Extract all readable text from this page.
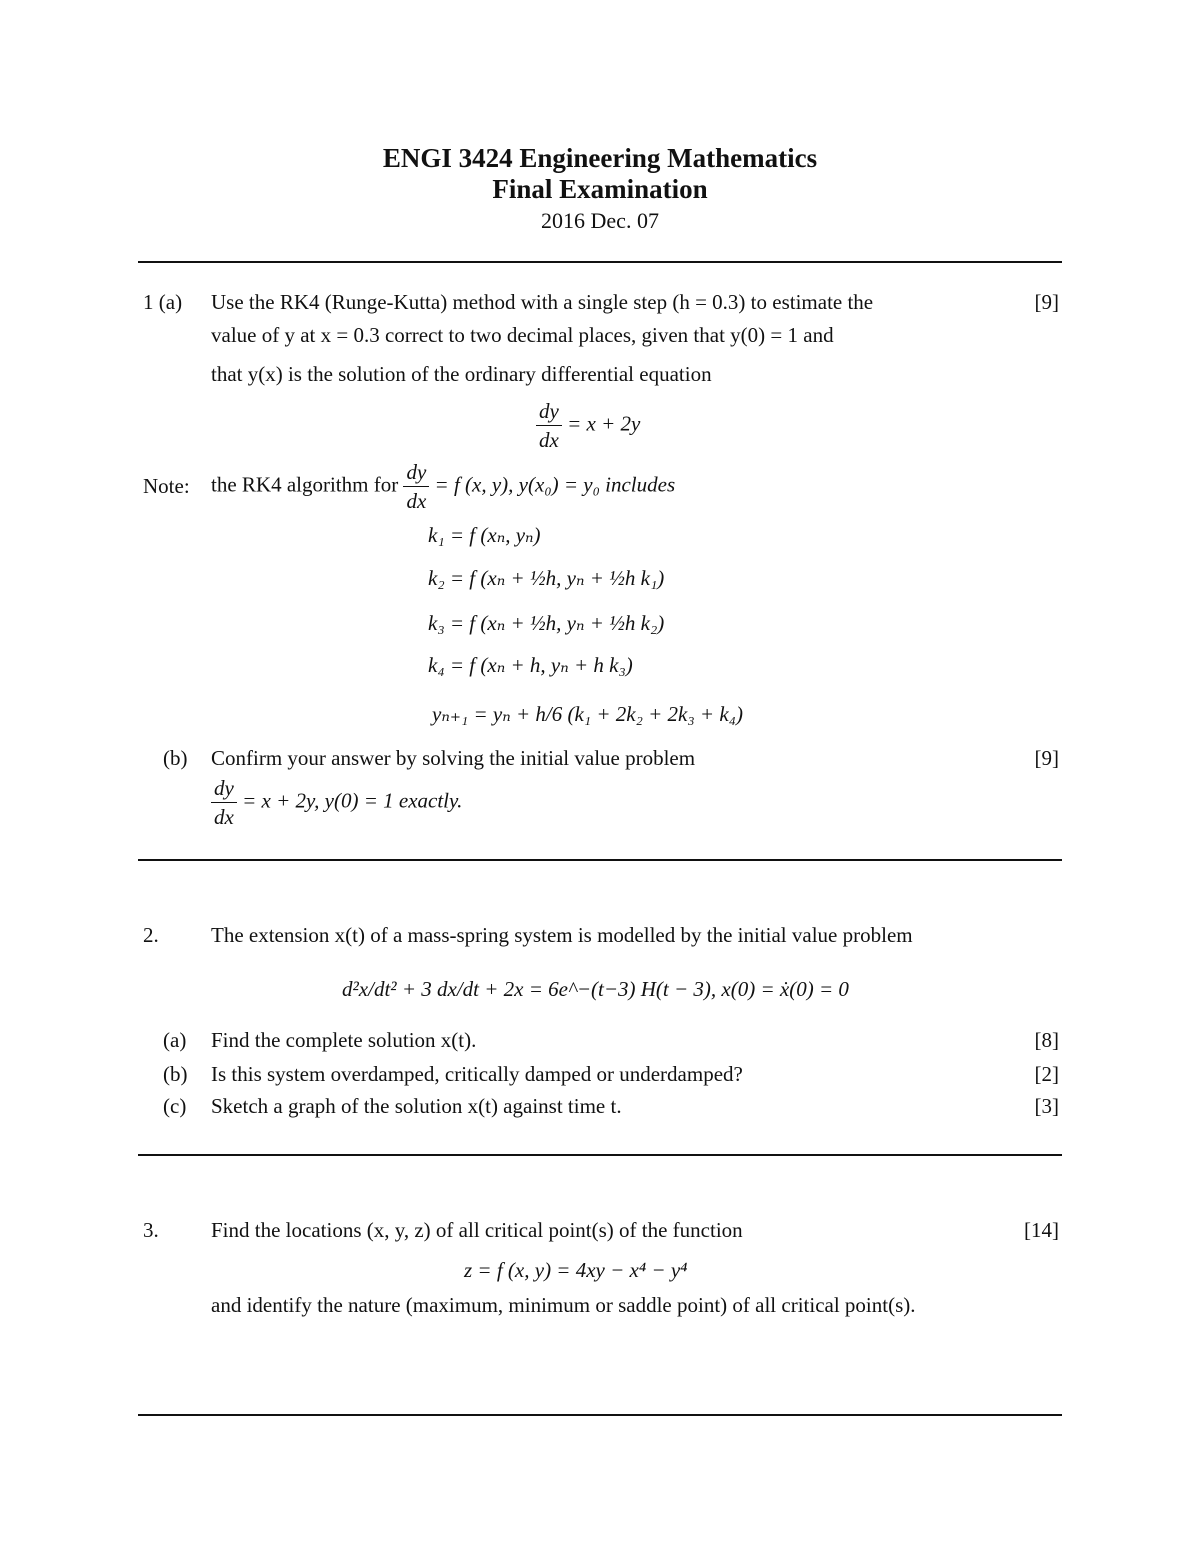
ENGI 3424 Engineering Mathematics
Final Examination
2016 Dec. 07
1 (a) Use the RK4 (Runge-Kutta) method with a single step (h = 0.3) to estimate the	[9]
value of y at x = 0.3 correct to two decimal places, given that y(0) = 1 and
that y(x) is the solution of the ordinary differential equation
$\frac{dy}{dx} = x + 2y$
Note: the RK4 algorithm for $\frac{dy}{dx} = f$ (x, y), y(x₀) = y₀ includes
k₁ = f (xₙ, yₙ)
k₂ = f (xₙ + ½h, yₙ + ½h k₁)
k₃ = f (xₙ + ½h, yₙ + ½h k₂)
k₄ = f (xₙ + h, yₙ + h k₃)
yₙ₊₁ = yₙ + h/6 (k₁ + 2k₂ + 2k₃ + k₄)
(b) Confirm your answer by solving the initial value problem	[9]
$\frac{dy}{dx} = x + 2y$, y(0) = 1 exactly.
2. The extension x(t) of a mass-spring system is modelled by the initial value problem
d²x/dt² + 3 dx/dt + 2x = 6e^−(t−3) H(t − 3), x(0) = ẋ(0) = 0
(a) Find the complete solution x(t).	[8]
(b) Is this system overdamped, critically damped or underdamped?	[2]
(c) Sketch a graph of the solution x(t) against time t.	[3]
3. Find the locations (x, y, z) of all critical point(s) of the function	[14]
z = f (x, y) = 4xy − x⁴ − y⁴
and identify the nature (maximum, minimum or saddle point) of all critical point(s).
